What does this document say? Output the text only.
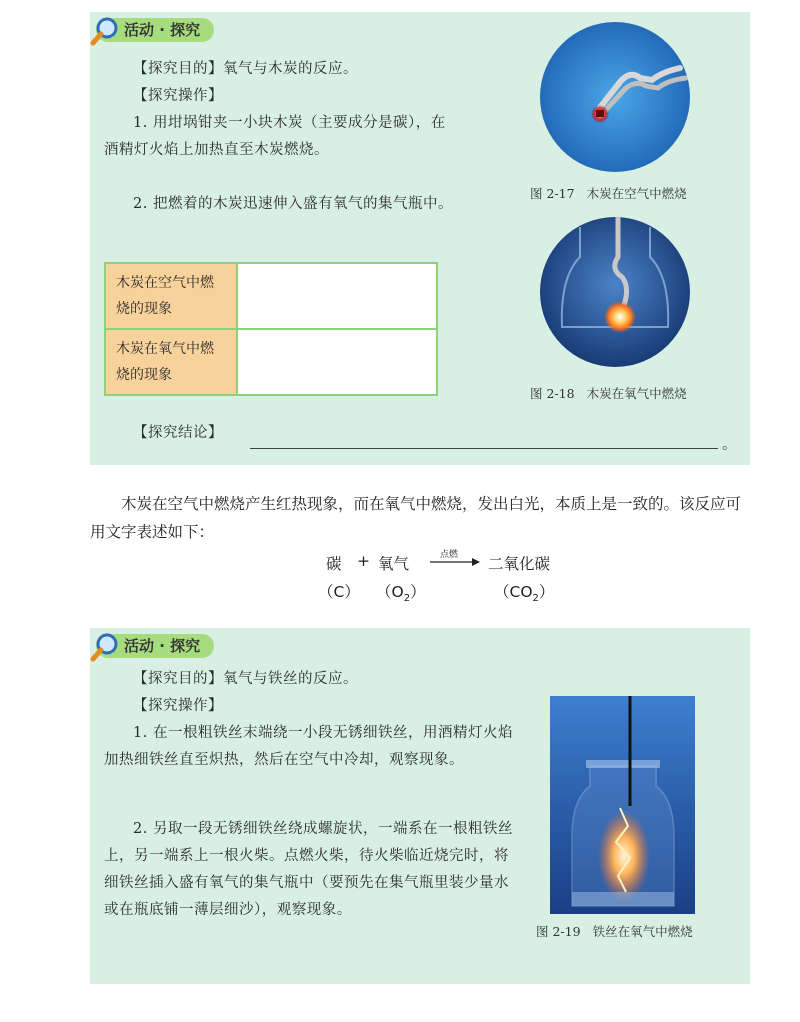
活动 · 探究
【探究目的】氧气与木炭的反应。
【探究操作】
1. 用坩埚钳夹一小块木炭（主要成分是碳），在酒精灯火焰上加热直至木炭燃烧。
2. 把燃着的木炭迅速伸入盛有氧气的集气瓶中。
木炭在空气中燃烧的现象	
木炭在氧气中燃烧的现象	
【探究结论】
。
图 2-17 木炭在空气中燃烧
图 2-18 木炭在氧气中燃烧
木炭在空气中燃烧产生红热现象，而在氧气中燃烧，发出白光，本质上是一致的。该反应可用文字表述如下：
碳 + 氧气	点燃 → 二氧化碳
（C） $(O_2)$	$(CO_2)$
活动 · 探究
【探究目的】氧气与铁丝的反应。
【探究操作】
1. 在一根粗铁丝末端绕一小段无锈细铁丝，用酒精灯火焰加热细铁丝直至炽热，然后在空气中冷却，观察现象。
2. 另取一段无锈细铁丝绕成螺旋状，一端系在一根粗铁丝上，另一端系上一根火柴。点燃火柴，待火柴临近烧完时，将细铁丝插入盛有氧气的集气瓶中（要预先在集气瓶里装少量水或在瓶底铺一薄层细沙），观察现象。
图 2-19 铁丝在氧气中燃烧
